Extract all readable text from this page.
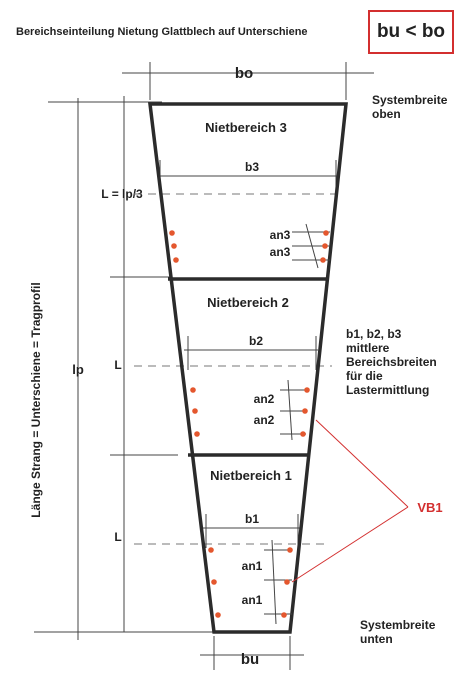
Bereichseinteilung Nietung Glattblech auf Unterschiene	bu < bo
bo
bu
lp
Länge Strang = Unterschiene = Tragprofil
L = lp/3
L
L
b3
b2
b1
Nietbereich 3
Nietbereich 2
Nietbereich 1
an3
an3
an2
an2
an1
an1
VB1
Systembreite
oben
b1, b2, b3
mittlere
Bereichsbreiten
für die
Lastermittlung
Systembreite
unten
